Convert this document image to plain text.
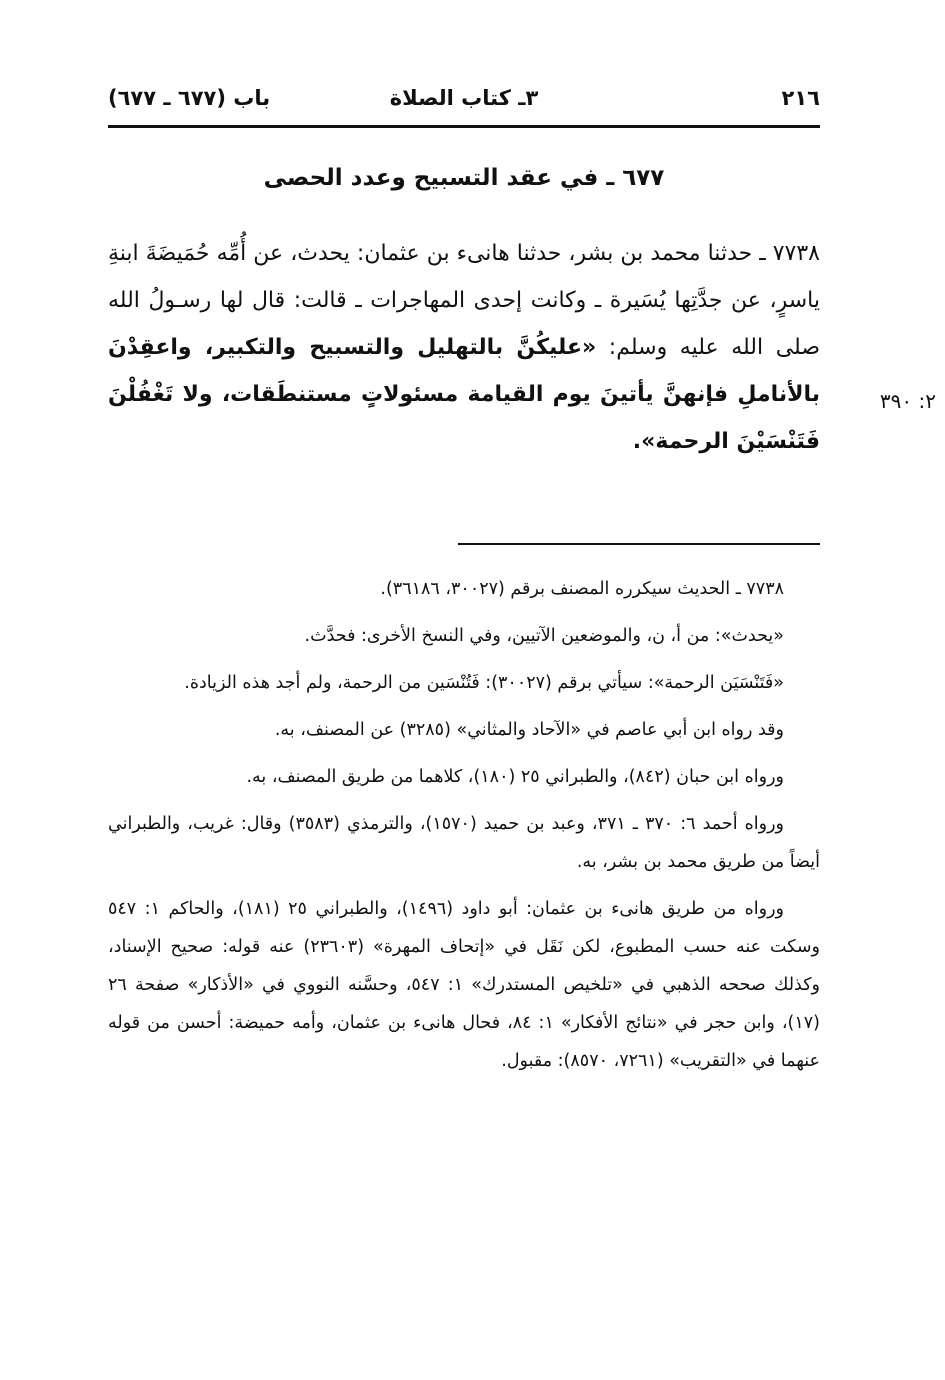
٢١٦
٣ـ كتاب الصلاة
باب (٦٧٧ ـ ٦٧٧)
٦٧٧ ـ في عقد التسبيح وعدد الحصى
٧٧٣٨ ـ حدثنا محمد بن بشر، حدثنا هانىء بن عثمان: يحدث، عن أُمِّه حُمَيضَةَ ابنةِ ياسرٍ، عن جدَّتِها يُسَيرة ـ وكانت إحدى المهاجرات ـ قالت: قال لها رسـولُ الله صلى الله عليه وسلم: «عليكُنَّ بالتهليل والتسبيح والتكبير، واعقِدْنَ بالأناملِ فإنهنَّ يأتينَ يوم القيامة مسئولاتٍ مستنطَقات، ولا تَغْفُلْنَ فَتَنْسَيْنَ الرحمة».
٢: ٣٩٠

٧٧٣٨ ـ الحديث سيكرره المصنف برقم (٣٠٠٢٧، ٣٦١٨٦).

«يحدث»: من أ، ن، والموضعين الآتيين، وفي النسخ الأخرى: فحدَّث.

«فَتَنْسَيَن الرحمة»: سيأتي برقم (٣٠٠٢٧): فَتُنْسَين من الرحمة، ولم أجد هذه الزيادة.

وقد رواه ابن أبي عاصم في «الآحاد والمثاني» (٣٢٨٥) عن المصنف، به.

ورواه ابن حبان (٨٤٢)، والطبراني ٢٥ (١٨٠)، كلاهما من طريق المصنف، به.

ورواه أحمد ٦: ٣٧٠ ـ ٣٧١، وعبد بن حميد (١٥٧٠)، والترمذي (٣٥٨٣) وقال: غريب، والطبراني أيضاً من طريق محمد بن بشر، به.

ورواه من طريق هانىء بن عثمان: أبو داود (١٤٩٦)، والطبراني ٢٥ (١٨١)، والحاكم ١: ٥٤٧ وسكت عنه حسب المطبوع، لكن نَقَل في «إتحاف المهرة» (٢٣٦٠٣) عنه قوله: صحيح الإسناد، وكذلك صححه الذهبي في «تلخيص المستدرك» ١: ٥٤٧، وحسَّنه النووي في «الأذكار» صفحة ٢٦ (١٧)، وابن حجر في «نتائج الأفكار» ١: ٨٤، فحال هانىء بن عثمان، وأمه حميضة: أحسن من قوله عنهما في «التقريب» (٧٢٦١، ٨٥٧٠): مقبول.
